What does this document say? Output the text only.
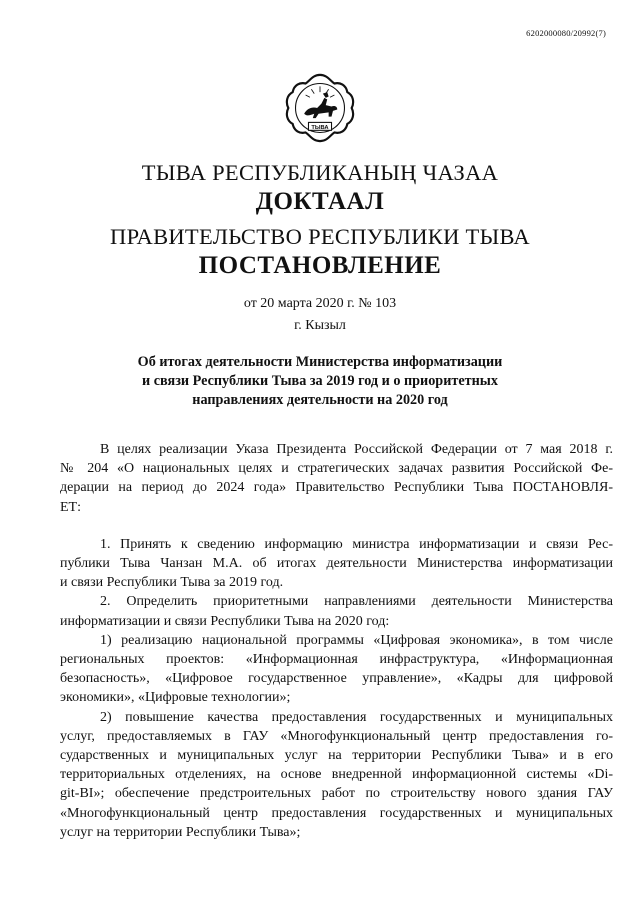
6202000080/20992(7)
ТЫВА
ТЫВА РЕСПУБЛИКАНЫҢ ЧАЗАА
ДОКТААЛ
ПРАВИТЕЛЬСТВО РЕСПУБЛИКИ ТЫВА
ПОСТАНОВЛЕНИЕ
от 20 марта 2020 г. № 103
г. Кызыл
Об итогах деятельности Министерства информатизации
и связи Республики Тыва за 2019 год и о приоритетных
направлениях деятельности на 2020 год
В целях реализации Указа Президента Российской Федерации от 7 мая 2018 г.
№ 204 «О национальных целях и стратегических задачах развития Российской Фе-
дерации на период до 2024 года» Правительство Республики Тыва ПОСТАНОВЛЯ-
ЕТ:
1. Принять к сведению информацию министра информатизации и связи Рес-
публики Тыва Чанзан М.А. об итогах деятельности Министерства информатизации
и связи Республики Тыва за 2019 год.
2. Определить приоритетными направлениями деятельности Министерства
информатизации и связи Республики Тыва на 2020 год:
1) реализацию национальной программы «Цифровая экономика», в том числе
региональных проектов: «Информационная инфраструктура, «Информационная
безопасность», «Цифровое государственное управление», «Кадры для цифровой
экономики», «Цифровые технологии»;
2) повышение качества предоставления государственных и муниципальных
услуг, предоставляемых в ГАУ «Многофункциональный центр предоставления го-
сударственных и муниципальных услуг на территории Республики Тыва» и в его
территориальных отделениях, на основе внедренной информационной системы «Di-
git-BI»; обеспечение предстроительных работ по строительству нового здания ГАУ
«Многофункциональный центр предоставления государственных и муниципальных
услуг на территории Республики Тыва»;
